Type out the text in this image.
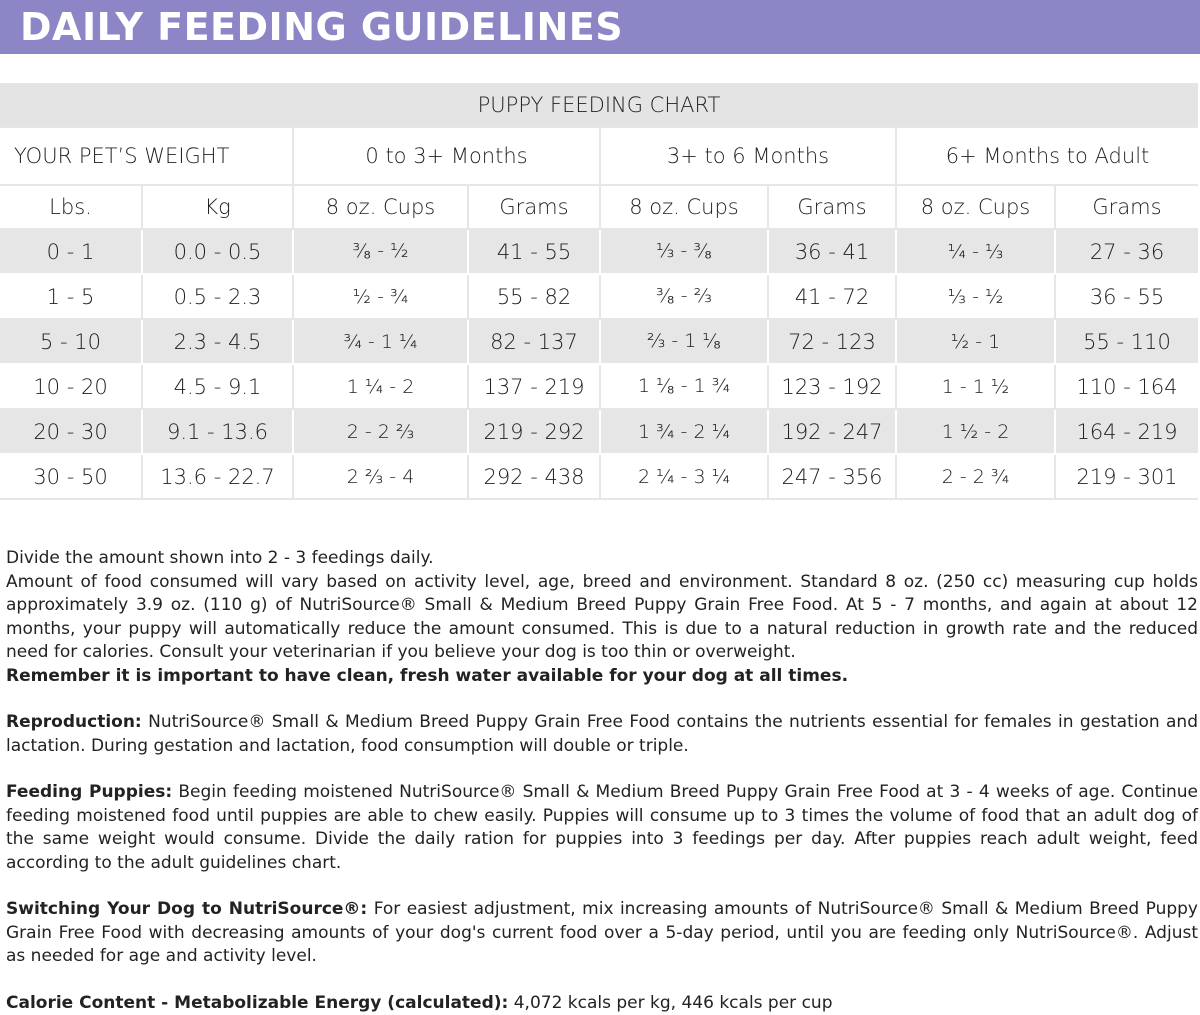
DAILY FEEDING GUIDELINES
PUPPY FEEDING CHART							
YOUR PET’S WEIGHT		0 to 3+ Months		3+ to 6 Months		6+ Months to Adult	
Lbs.	Kg	8 oz. Cups	Grams	8 oz. Cups	Grams	8 oz. Cups	Grams
0 - 1	0.0 - 0.5	³⁄₈ - ¹⁄₂	41 - 55	¹⁄₃ - ³⁄₈	36 - 41	¹⁄₄ - ¹⁄₃	27 - 36
1 - 5	0.5 - 2.3	¹⁄₂ - ³⁄₄	55 - 82	³⁄₈ - ²⁄₃	41 - 72	¹⁄₃ - ¹⁄₂	36 - 55
5 - 10	2.3 - 4.5	³⁄₄ - 1 ¹⁄₄	82 - 137	²⁄₃ - 1 ¹⁄₈	72 - 123	¹⁄₂ - 1	55 - 110
10 - 20	4.5 - 9.1	1 ¹⁄₄ - 2	137 - 219	1 ¹⁄₈ - 1 ³⁄₄	123 - 192	1 - 1 ¹⁄₂	110 - 164
20 - 30	9.1 - 13.6	2 - 2 ²⁄₃	219 - 292	1 ³⁄₄ - 2 ¹⁄₄	192 - 247	1 ¹⁄₂ - 2	164 - 219
30 - 50	13.6 - 22.7	2 ²⁄₃ - 4	292 - 438	2 ¹⁄₄ - 3 ¹⁄₄	247 - 356	2 - 2 ³⁄₄	219 - 301

Divide the amount shown into 2 - 3 feedings daily.

Amount of food consumed will vary based on activity level, age, breed and environment. Standard 8 oz. (250 cc) measuring cup holds approximately 3.9 oz. (110 g) of NutriSource® Small & Medium Breed Puppy Grain Free Food. At 5 - 7 months, and again at about 12 months, your puppy will automatically reduce the amount consumed. This is due to a natural reduction in growth rate and the reduced need for calories. Consult your veterinarian if you believe your dog is too thin or overweight.

Remember it is important to have clean, fresh water available for your dog at all times.

Reproduction: NutriSource® Small & Medium Breed Puppy Grain Free Food contains the nutrients essential for females in gestation and lactation. During gestation and lactation, food consumption will double or triple.

Feeding Puppies: Begin feeding moistened NutriSource® Small & Medium Breed Puppy Grain Free Food at 3 - 4 weeks of age. Continue feeding moistened food until puppies are able to chew easily. Puppies will consume up to 3 times the volume of food that an adult dog of the same weight would consume. Divide the daily ration for puppies into 3 feedings per day. After puppies reach adult weight, feed according to the adult guidelines chart.

Switching Your Dog to NutriSource®: For easiest adjustment, mix increasing amounts of NutriSource® Small & Medium Breed Puppy Grain Free Food with decreasing amounts of your dog's current food over a 5-day period, until you are feeding only NutriSource®. Adjust as needed for age and activity level.

Calorie Content - Metabolizable Energy (calculated): 4,072 kcals per kg, 446 kcals per cup
